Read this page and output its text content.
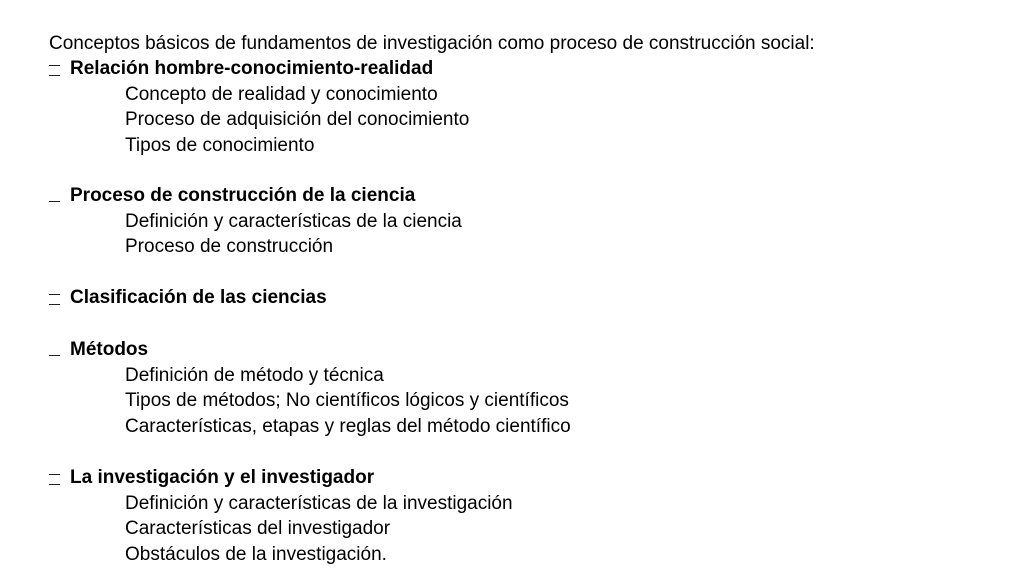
Conceptos básicos de fundamentos de investigación como proceso de construcción social:
Relación hombre-conocimiento-realidad
Concepto de realidad y conocimiento
Proceso de adquisición del conocimiento
Tipos de conocimiento
Proceso de construcción de la ciencia
Definición y características de la ciencia
Proceso de construcción
Clasificación de las ciencias
Métodos
Definición de método y técnica
Tipos de métodos; No científicos lógicos y científicos
Características, etapas y reglas del método científico
La investigación y el investigador
Definición y características de la investigación
Características del investigador
Obstáculos de la investigación.
